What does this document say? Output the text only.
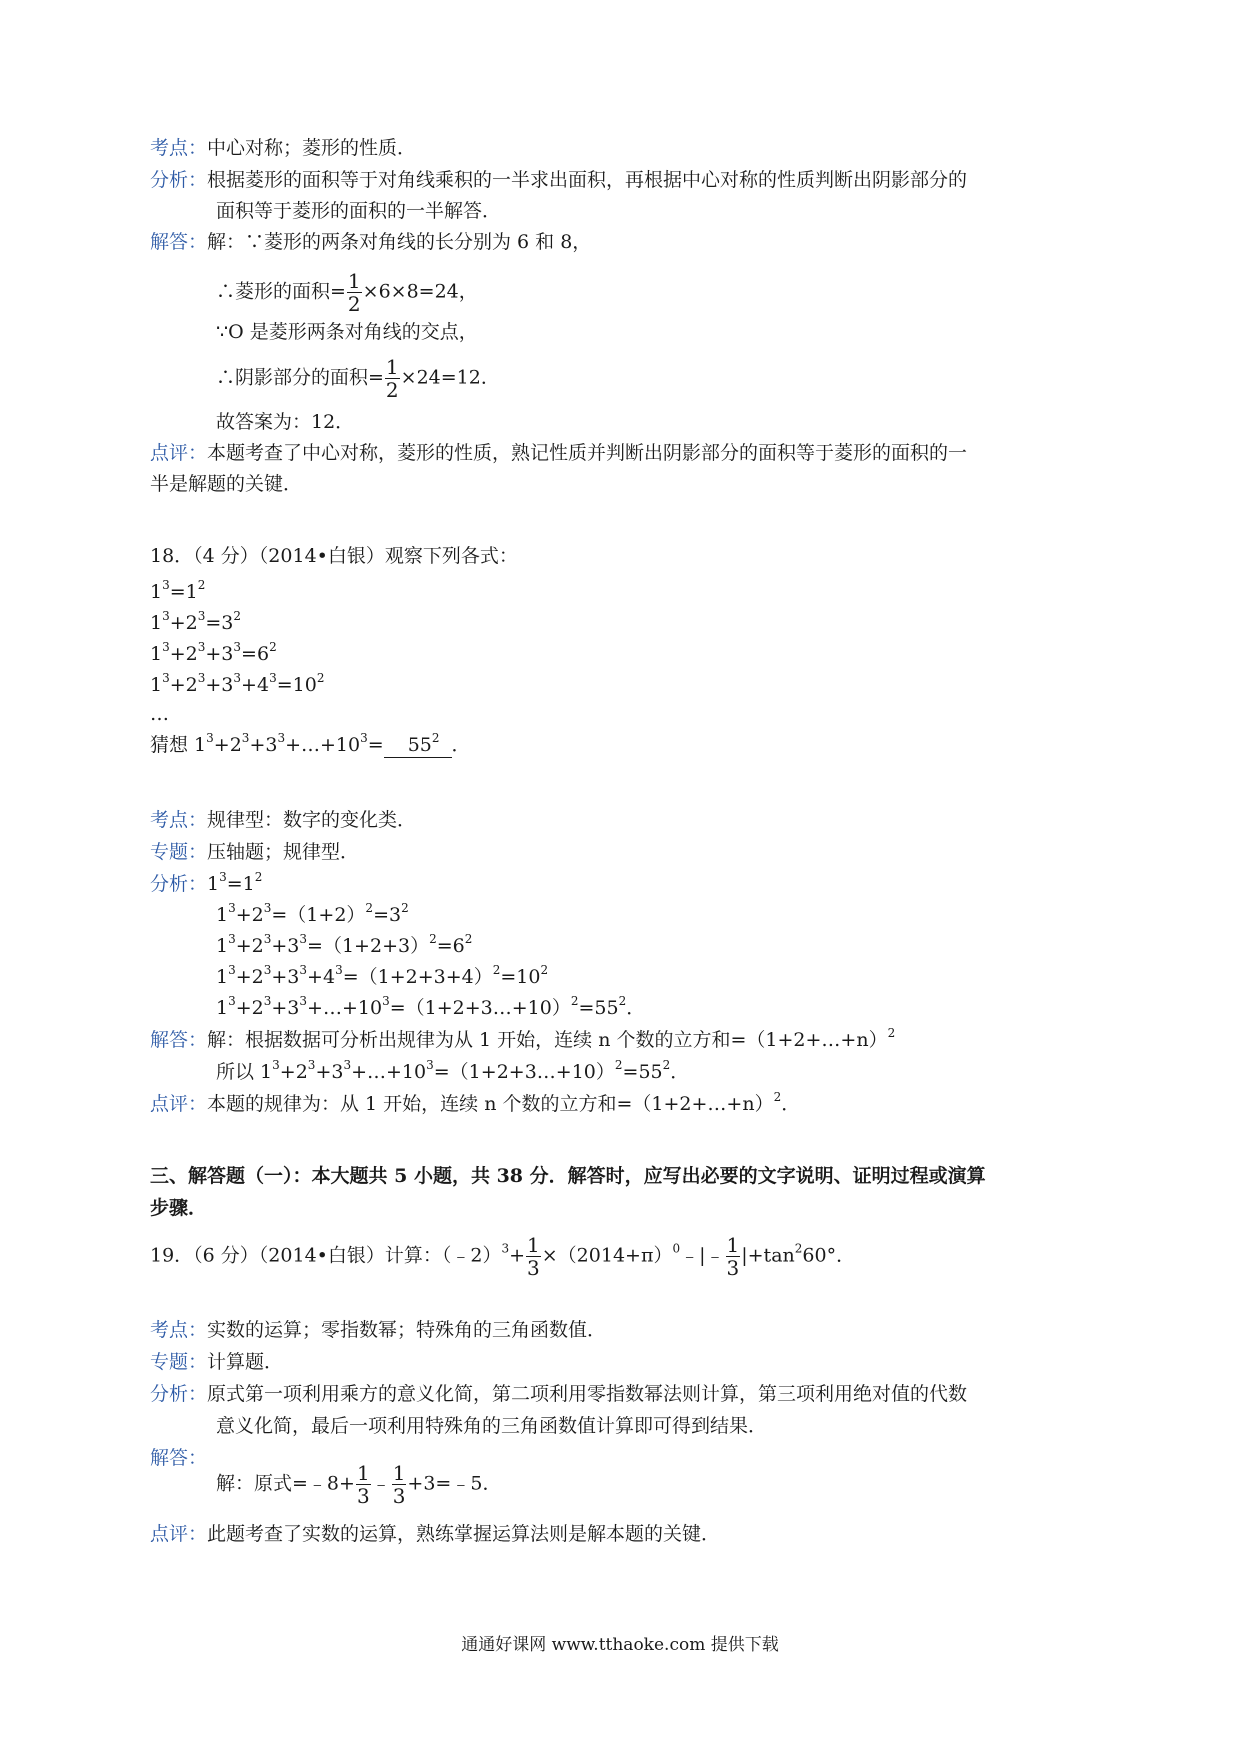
考点：中心对称；菱形的性质．
分析：根据菱形的面积等于对角线乘积的一半求出面积，再根据中心对称的性质判断出阴影部分的
面积等于菱形的面积的一半解答．
解答：解：∵菱形的两条对角线的长分别为 6 和 8，
∴菱形的面积= $\frac{1}{2} \times 6\times 8=24$，
∵O 是菱形两条对角线的交点，
∴阴影部分的面积= $\frac{1}{2} \times 24=12$．
故答案为：12．
点评：本题考查了中心对称，菱形的性质，熟记性质并判断出阴影部分的面积等于菱形的面积的一
半是解题的关键．
18．（4 分）（2014•白银）观察下列各式：
$1^3=1^2$
$1^3+2^3=3^2$
$1^3+2^3+3^3=6^2$
$1^3+2^3+3^3+4^3=10^2$
…
猜想 $1^3+2^3+3^3+\dots+10^3= 55^2$ ．
考点：规律型：数字的变化类．
专题：压轴题；规律型．
分析：$1^3=1^2$
$1^3+2^3=(1+2)^2=3^2$
$1^3+2^3+3^3=(1+2+3)^2=6^2$
$1^3+2^3+3^3+4^3=(1+2+3+4)^2=10^2$
$1^3+2^3+3^3+\dots+10^3=(1+2+3\dots+10)^2=55^2$．
解答：解：根据数据可分析出规律为从 1 开始，连续 n 个数的立方和=（1+2+…+n）$^2$
所以 $1^3+2^3+3^3+\dots+10^3=(1+2+3\dots+10)^2=55^2$．
点评：本题的规律为：从 1 开始，连续 n 个数的立方和=（1+2+…+n）$^2$．
三、解答题（一）：本大题共 5 小题，共 38 分．解答时，应写出必要的文字说明、证明过程或演算
步骤．
19．（6 分）（2014•白银）计算：（﹣2）$^3$+ $\frac{1}{3}$ $\times(2014+\pi)^0﹣|﹣ \frac{1}{3} |+\tan^260^\circ$．
考点：实数的运算；零指数幂；特殊角的三角函数值．
专题：计算题．
分析：原式第一项利用乘方的意义化简，第二项利用零指数幂法则计算，第三项利用绝对值的代数
意义化简，最后一项利用特殊角的三角函数值计算即可得到结果．
解答：
解：原式=﹣8+ $\frac{1}{3}$ ﹣ $\frac{1}{3}$ +3=﹣5．
点评：此题考查了实数的运算，熟练掌握运算法则是解本题的关键．
通通好课网 www.tthaoke.com 提供下载
